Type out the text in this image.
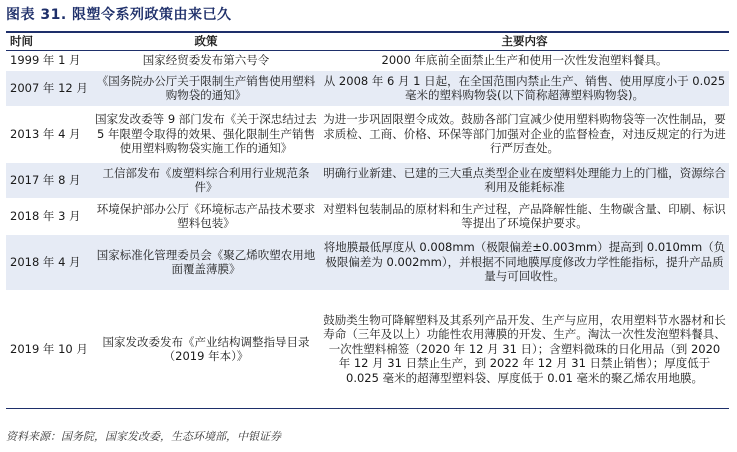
图表 31. 限塑令系列政策由来已久
时间	政策	主要内容
1999 年 1 月	国家经贸委发布第六号令	2000 年底前全面禁止生产和使用一次性发泡塑料餐具。
2007 年 12 月	《国务院办公厅关于限制生产销售使用塑料购物袋的通知》	从 2008 年 6 月 1 日起，在全国范围内禁止生产、销售、使用厚度小于 0.025 毫米的塑料购物袋(以下简称超薄塑料购物袋)。
2013 年 4 月	国家发改委等 9 部门发布《关于深忠结过去 5 年限塑令取得的效果、强化限制生产销售使用塑料购物袋实施工作的通知》	为进一步巩固限塑令成效。鼓励各部门宣减少使用塑料购物袋等一次性制品，要求质检、工商、价格、环保等部门加强对企业的监督检查，对违反规定的行为进行严厉查处。
2017 年 8 月	工信部发布《废塑料综合利用行业规范条件》	明确行业新建、已建的三大重点类型企业在废塑料处理能力上的门槛，资源综合利用及能耗标准
2018 年 3 月	环境保护部办公厅《环境标志产品技术要求塑料包装》	对塑料包装制品的原材料和生产过程，产品降解性能、生物碳含量、印刷、标识等提出了环境保护要求。
2018 年 4 月	国家标准化管理委员会《聚乙烯吹塑农用地面覆盖薄膜》	将地膜最低厚度从 0.008mm（极限偏差±0.003mm）提高到 0.010mm（负极限偏差为 0.002mm），并根据不同地膜厚度修改力学性能指标，提升产品质量与可回收性。
2019 年 10 月	国家发改委发布《产业结构调整指导目录（2019 年本）》	鼓励类生物可降解塑料及其系列产品开发、生产与应用，农用塑料节水器材和长寿命（三年及以上）功能性农用薄膜的开发、生产。淘汰一次性发泡塑料餐具、一次性塑料棉签（2020 年 12 月 31 日）；含塑料微珠的日化用品（到 2020 年 12 月 31 日禁止生产，到 2022 年 12 月 31 日禁止销售）；厚度低于 0.025 毫米的超薄型塑料袋、厚度低于 0.01 毫米的聚乙烯农用地膜。
资料来源：国务院，国家发改委，生态环境部，中银证券
